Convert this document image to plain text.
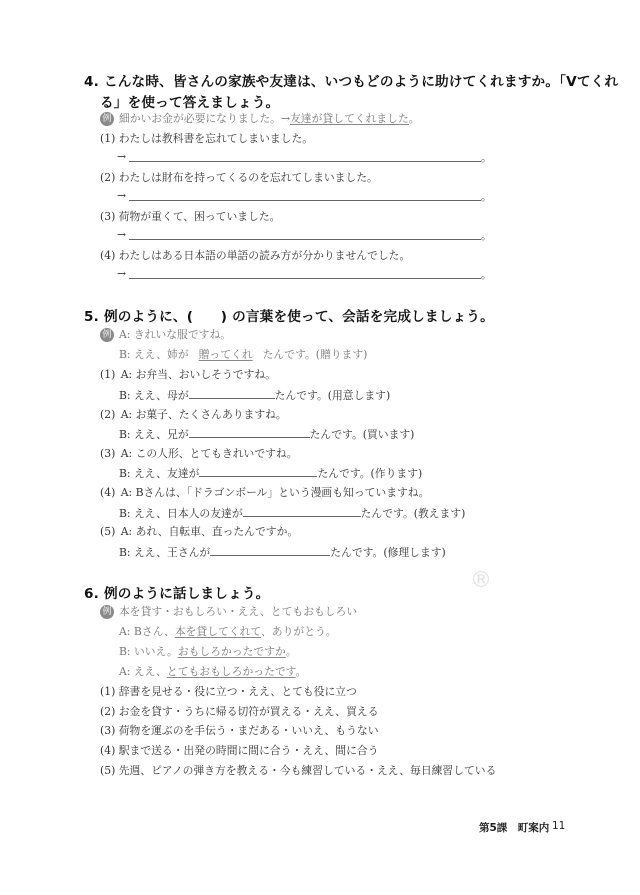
®
4. こんな時、皆さんの家族や友達は、いつもどのように助けてくれますか。「Vてくれ
る」を使って答えましょう。
例 細かいお金が必要になりました。→友達が貸してくれました。
(1) わたしは教科書を忘れてしまいました。
→	。
(2) わたしは財布を持ってくるのを忘れてしまいました。
→	。
(3) 荷物が重くて、困っていました。
→	。
(4) わたしはある日本語の単語の読み方が分かりませんでした。
→	。
5. 例のように、(　　) の言葉を使って、会話を完成しましょう。
例 A: きれいな服ですね。
B: ええ、姉が 贈ってくれ たんです。(贈ります)
(1)  A: お弁当、おいしそうですね。
B: ええ、母が	たんです。(用意します)
(2)  A: お菓子、たくさんありますね。
B: ええ、兄が	たんです。(買います)
(3)  A: この人形、とてもきれいですね。
B: ええ、友達が	たんです。(作ります)
(4)  A: Bさんは、「ドラゴンボール」という漫画も知っていますね。
B: ええ、日本人の友達が	たんです。(教えます)
(5)  A: あれ、自転車、直ったんですか。
B: ええ、王さんが	たんです。(修理します)
6. 例のように話しましょう。
例 本を貸す・おもしろい・ええ、とてもおもしろい
A: Bさん、本を貸してくれて、ありがとう。
B: いいえ。おもしろかったですか。
A: ええ、とてもおもしろかったです。
(1) 辞書を見せる・役に立つ・ええ、とても役に立つ
(2) お金を貸す・うちに帰る切符が買える・ええ、買える
(3) 荷物を運ぶのを手伝う・まだある・いいえ、もうない
(4) 駅まで送る・出発の時間に間に合う・ええ、間に合う
(5) 先週、ピアノの弾き方を教える・今も練習している・ええ、毎日練習している
第5課　町案内 11
